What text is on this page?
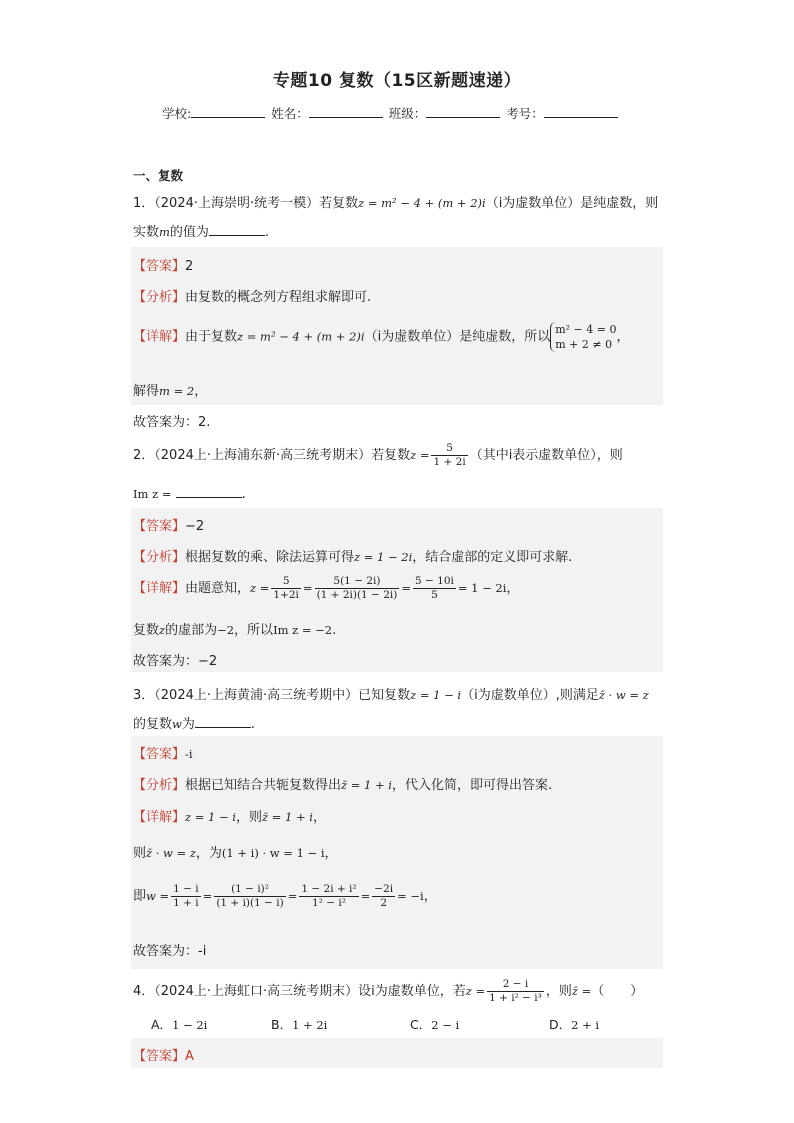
专题10 复数（15区新题速递）
学校:	姓名：	班级：	考号：
一、复数
1．（2024·上海崇明·统考一模）若复数z = m² − 4 + (m + 2)i（i为虚数单位）是纯虚数，则
实数m的值为	.
【答案】2
【分析】由复数的概念列方程组求解即可.
【详解】由于复数z = m² − 4 + (m + 2)i（i为虚数单位）是纯虚数，所以 m² − 4 = 0
m + 2 ≠ 0 ，
解得m = 2，
故答案为：2.
2．（2024上·上海浦东新·高三统考期末）若复数$z = \frac{5}{1 + 2i}$ （其中i表示虚数单位），则
Im z =	.
【答案】−2
【分析】根据复数的乘、除法运算可得z = 1 − 2i，结合虚部的定义即可求解.
【详解】由题意知，$z = \frac{5}{1+2i} = \frac{5(1 - 2i)}{(1 + 2i)(1 - 2i)} = \frac{5 - 10i}{5} = 1 - 2i$，
复数z的虚部为−2，所以Im z = −2.
故答案为：−2
3．（2024上·上海黄浦·高三统考期中）已知复数z = 1 − i（i为虚数单位）,则满足z̄ · w = z
的复数w为	.
【答案】-i
【分析】根据已知结合共轭复数得出z̄ = 1 + i，代入化简，即可得出答案.
【详解】z = 1 − i，则z̄ = 1 + i，
则z̄ · w = z，为(1 + i) · w = 1 − i，
即$w = \frac{1 - i}{1 + i} = \frac{\text{(1 − i)²}}{(1 + i)(1 - i)} = \frac{\text{1 − 2i + i²}}{\text{1² − i²}} = \frac{-2i}{2} = -i$，
故答案为：-i
4．（2024上·上海虹口·高三统考期末）设i为虚数单位，若$z = \frac{2 - i}{\text{1 + i² − i³}}$ ，则z̄ =（　　）
A．1 − 2i	B．1 + 2i	C．2 − i	D．2 + i
【答案】A
